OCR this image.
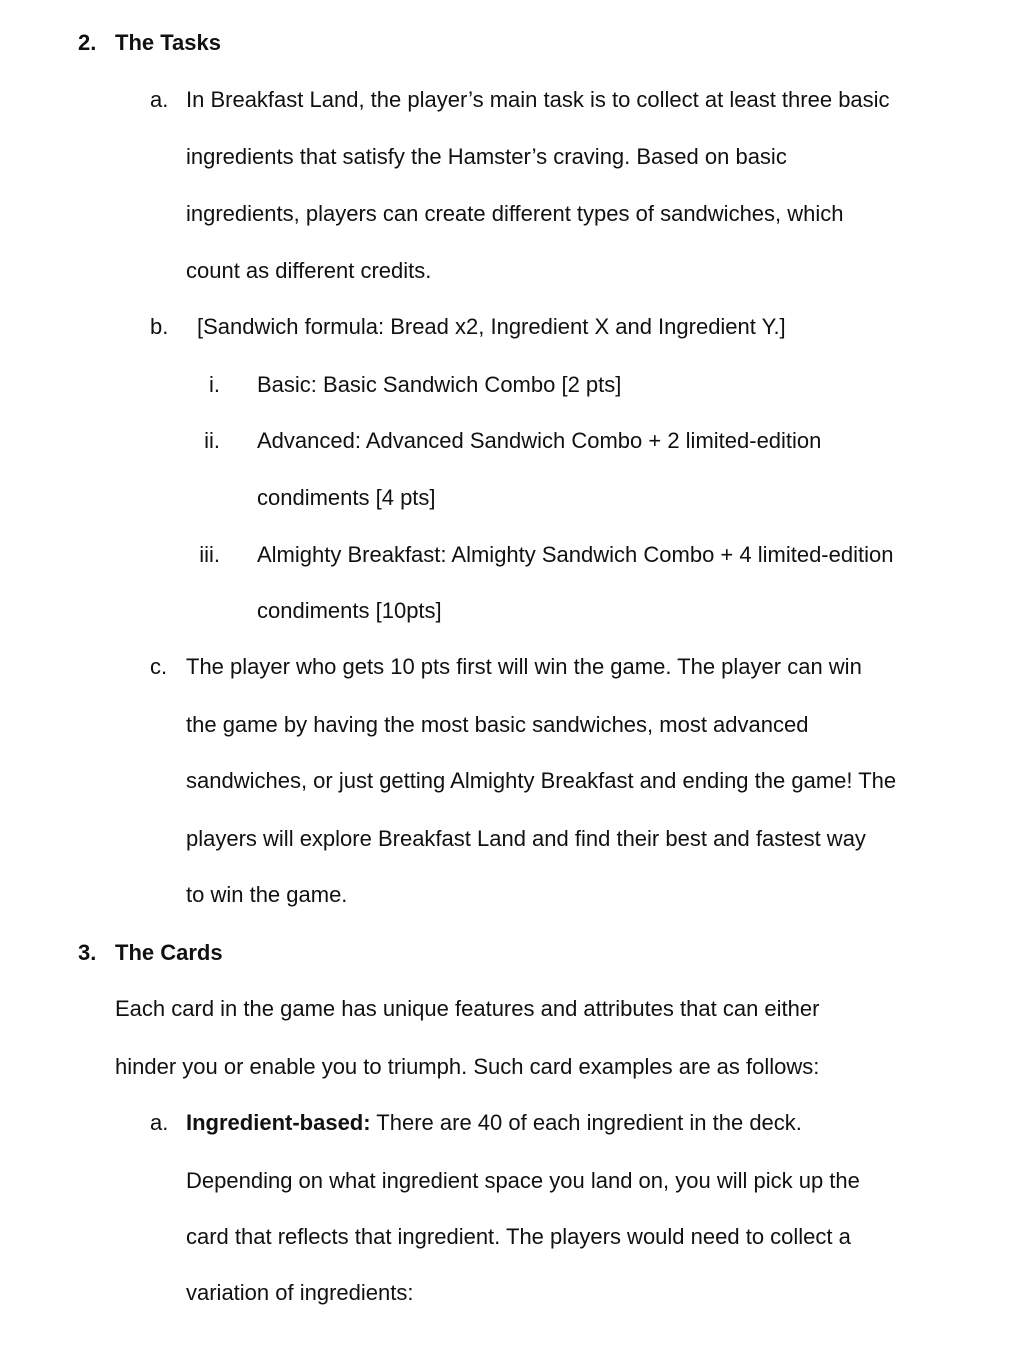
2. The Tasks
a. In Breakfast Land, the player’s main task is to collect at least three basic
ingredients that satisfy the Hamster’s craving. Based on basic
ingredients, players can create different types of sandwiches, which
count as different credits.
b. [Sandwich formula: Bread x2, Ingredient X and Ingredient Y.]
i. Basic: Basic Sandwich Combo [2 pts]
ii. Advanced: Advanced Sandwich Combo + 2 limited-edition
condiments [4 pts]
iii. Almighty Breakfast: Almighty Sandwich Combo + 4 limited-edition
condiments [10pts]
c. The player who gets 10 pts first will win the game. The player can win
the game by having the most basic sandwiches, most advanced
sandwiches, or just getting Almighty Breakfast and ending the game! The
players will explore Breakfast Land and find their best and fastest way
to win the game.
3. The Cards
Each card in the game has unique features and attributes that can either
hinder you or enable you to triumph. Such card examples are as follows:
a. Ingredient-based: There are 40 of each ingredient in the deck.
Depending on what ingredient space you land on, you will pick up the
card that reflects that ingredient. The players would need to collect a
variation of ingredients:
